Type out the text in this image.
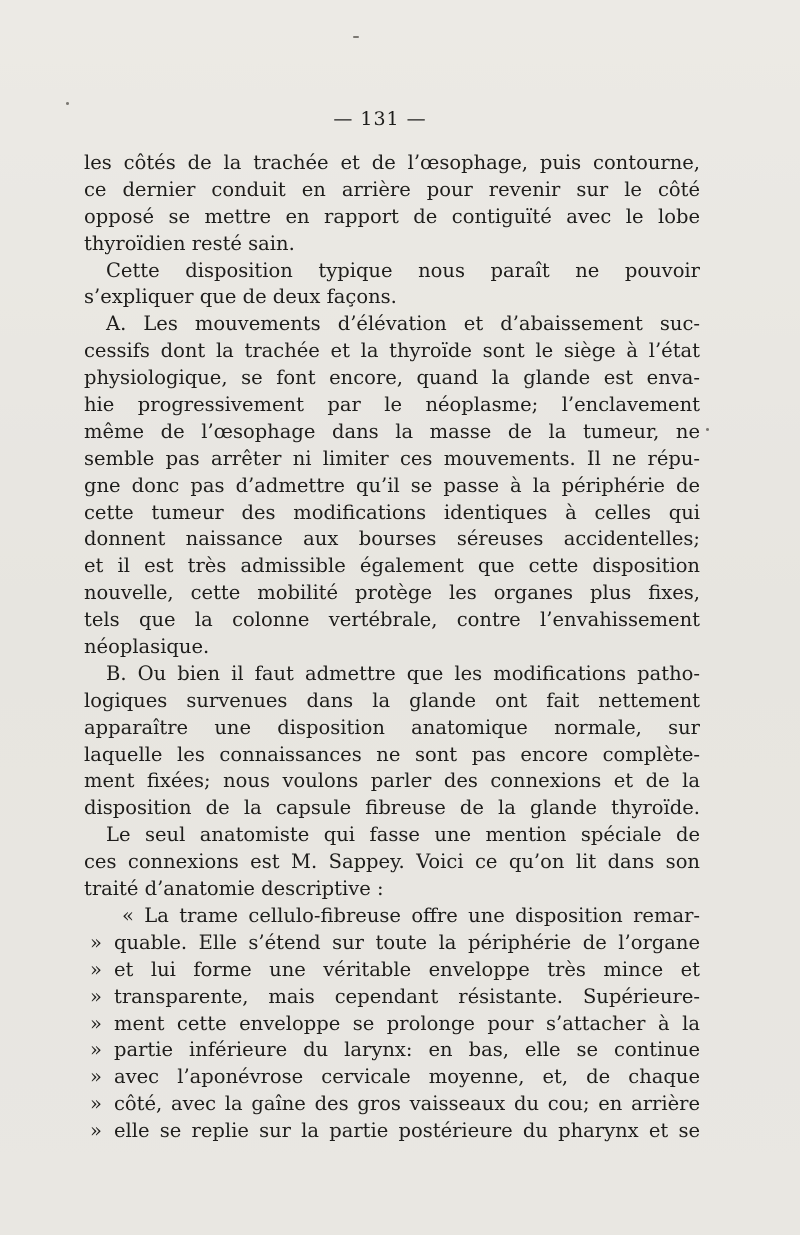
— 131 —
les côtés de la trachée et de l’œsophage, puis contourne,
ce dernier conduit en arrière pour revenir sur le côté
opposé se mettre en rapport de contiguïté avec le lobe
thyroïdien resté sain.
Cette disposition typique nous paraît ne pouvoir
s’expliquer que de deux façons.
A. Les mouvements d’élévation et d’abaissement suc-
cessifs dont la trachée et la thyroïde sont le siège à l’état
physiologique, se font encore, quand la glande est enva-
hie progressivement par le néoplasme; l’enclavement
même de l’œsophage dans la masse de la tumeur, ne
semble pas arrêter ni limiter ces mouvements. Il ne répu-
gne donc pas d’admettre qu’il se passe à la périphérie de
cette tumeur des modifications identiques à celles qui
donnent naissance aux bourses séreuses accidentelles;
et il est très admissible également que cette disposition
nouvelle, cette mobilité protège les organes plus fixes,
tels que la colonne vertébrale, contre l’envahissement
néoplasique.
B. Ou bien il faut admettre que les modifications patho-
logiques survenues dans la glande ont fait nettement
apparaître une disposition anatomique normale, sur
laquelle les connaissances ne sont pas encore complète-
ment fixées; nous voulons parler des connexions et de la
disposition de la capsule fibreuse de la glande thyroïde.
Le seul anatomiste qui fasse une mention spéciale de
ces connexions est M. Sappey. Voici ce qu’on lit dans son
traité d’anatomie descriptive :
« La trame cellulo-fibreuse offre une disposition remar-
» quable. Elle s’étend sur toute la périphérie de l’organe
» et lui forme une véritable enveloppe très mince et
» transparente, mais cependant résistante. Supérieure-
» ment cette enveloppe se prolonge pour s’attacher à la
» partie inférieure du larynx: en bas, elle se continue
» avec l’aponévrose cervicale moyenne, et, de chaque
» côté, avec la gaîne des gros vaisseaux du cou; en arrière
» elle se replie sur la partie postérieure du pharynx et se
